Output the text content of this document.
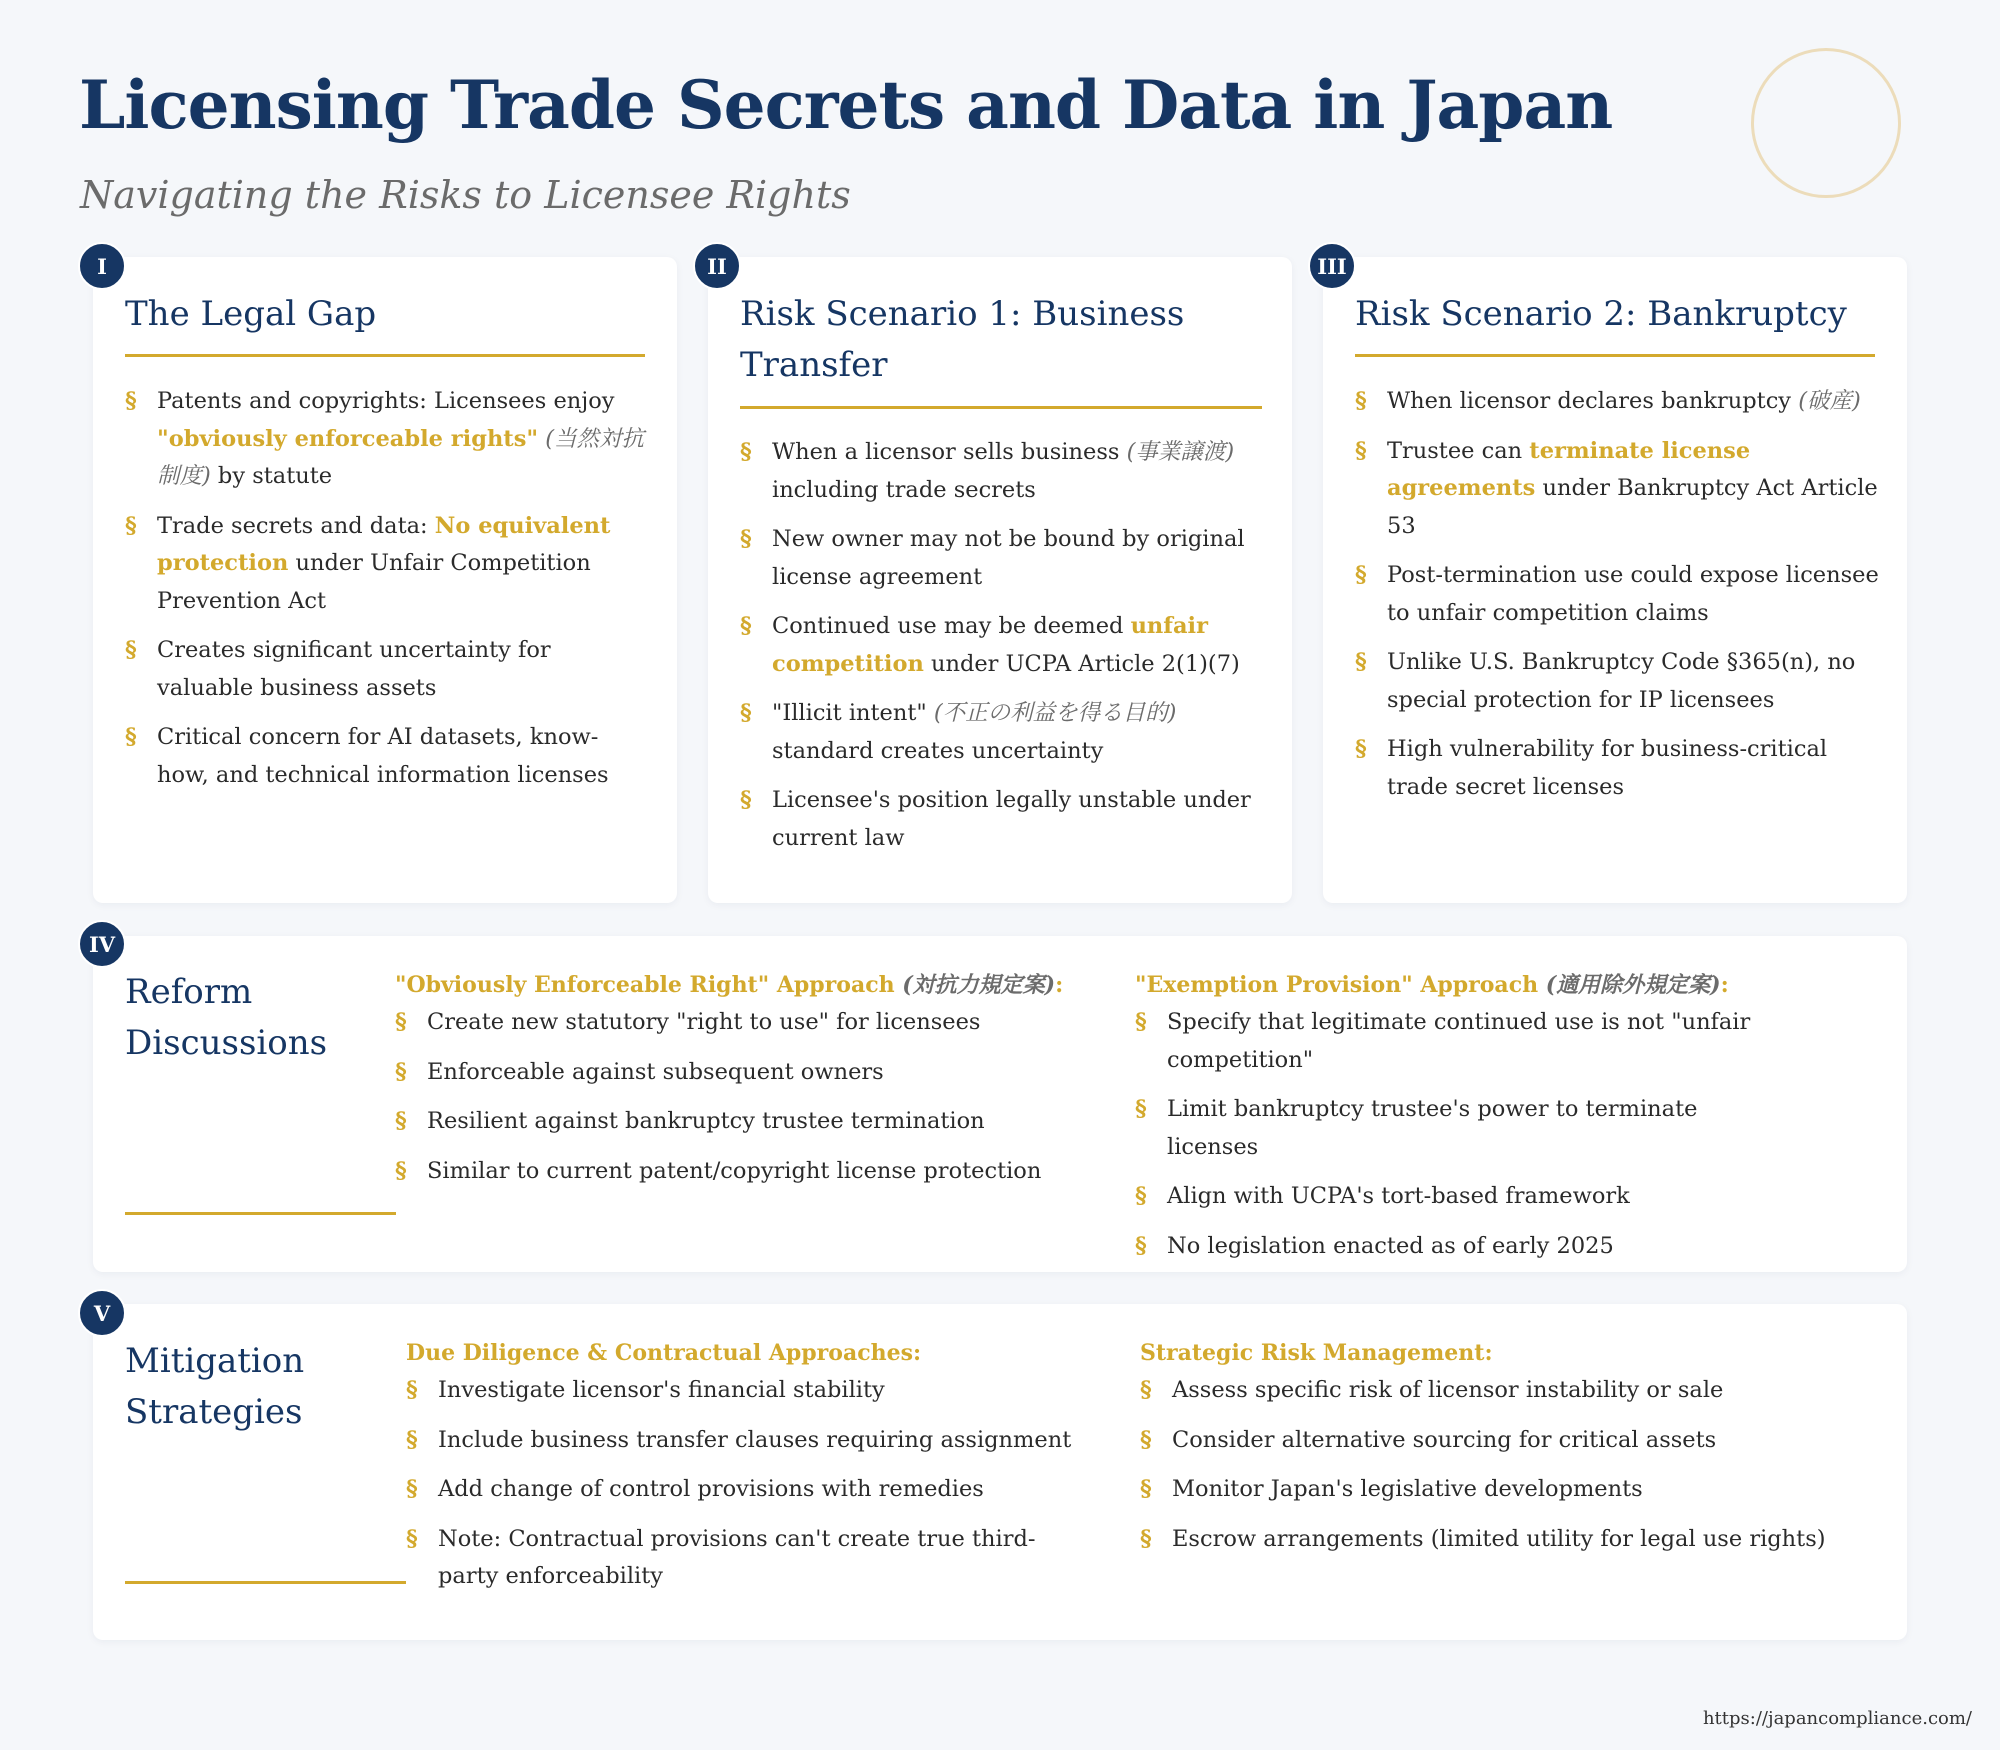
Licensing Trade Secrets and Data in Japan

Navigating the Risks to Licensee Rights

I
The Legal Gap
§ Patents and copyrights: Licensees enjoy "obviously enforceable rights" (当然対抗制度) by statute
§ Trade secrets and data: No equivalent protection under Unfair Competition Prevention Act
§ Creates significant uncertainty for valuable business assets
§ Critical concern for AI datasets, know-how, and technical information licenses
II
Risk Scenario 1: Business Transfer
§ When a licensor sells business (事業譲渡) including trade secrets
§ New owner may not be bound by original license agreement
§ Continued use may be deemed unfair competition under UCPA Article 2(1)(7)
§ "Illicit intent" (不正の利益を得る目的) standard creates uncertainty
§ Licensee's position legally unstable under current law
III
Risk Scenario 2: Bankruptcy
§ When licensor declares bankruptcy (破産)
§ Trustee can terminate license agreements under Bankruptcy Act Article 53
§ Post-termination use could expose licensee to unfair competition claims
§ Unlike U.S. Bankruptcy Code §365(n), no special protection for IP licensees
§ High vulnerability for business-critical trade secret licenses
IV
Reform Discussions

"Obviously Enforceable Right" Approach (対抗力規定案):

§ Create new statutory "right to use" for licensees
§ Enforceable against subsequent owners
§ Resilient against bankruptcy trustee termination
§ Similar to current patent/copyright license protection

"Exemption Provision" Approach (適用除外規定案):

§ Specify that legitimate continued use is not "unfair competition"
§ Limit bankruptcy trustee's power to terminate licenses
§ Align with UCPA's tort-based framework
§ No legislation enacted as of early 2025
V
Mitigation Strategies

Due Diligence & Contractual Approaches:

§ Investigate licensor's financial stability
§ Include business transfer clauses requiring assignment
§ Add change of control provisions with remedies
§ Note: Contractual provisions can't create true third-party enforceability

Strategic Risk Management:

§ Assess specific risk of licensor instability or sale
§ Consider alternative sourcing for critical assets
§ Monitor Japan's legislative developments
§ Escrow arrangements (limited utility for legal use rights)
https://japancompliance.com/
